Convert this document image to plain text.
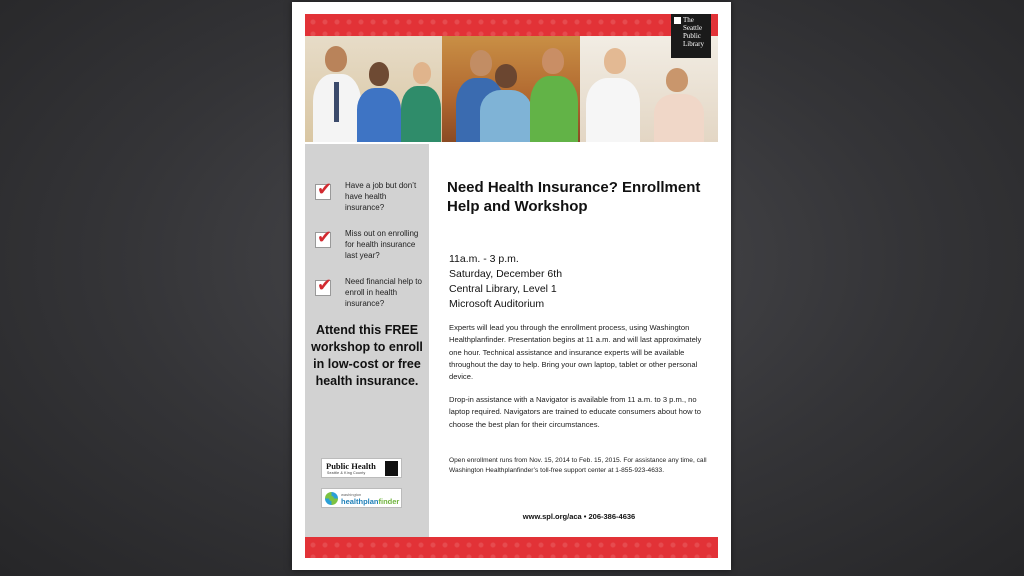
The
Seattle
Public
Library
✔ Have a job but don’t have health insurance?
✔ Miss out on enrolling for health insurance last year?
✔ Need financial help to enroll in health insurance?
Attend this FREE workshop to enroll in low-cost or free health insurance.
Public Health
Seattle & King County
washington
healthplanfinder
Need Health Insurance? Enrollment Help and Workshop
11a.m. - 3 p.m.
Saturday, December 6th
Central Library, Level 1
Microsoft Auditorium
Experts will lead you through the enrollment process, using Washington Healthplanfinder. Presentation begins at 11 a.m. and will last approximately one hour. Technical assistance and insurance experts will be available throughout the day to help. Bring your own laptop, tablet or other personal device.
Drop-in assistance with a Navigator is available from 11 a.m. to 3 p.m., no laptop required. Navigators are trained to educate consumers about how to choose the best plan for their circumstances.
Open enrollment runs from Nov. 15, 2014 to Feb. 15, 2015. For assistance any time, call Washington Healthplanfinder’s toll-free support center at 1-855-923-4633.
www.spl.org/aca • 206-386-4636
